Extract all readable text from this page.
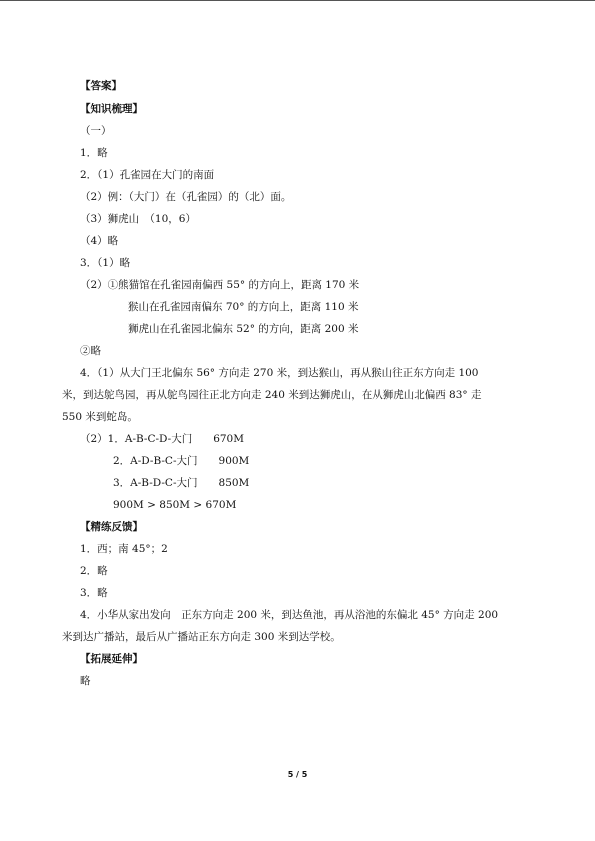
【答案】
【知识梳理】
（一）
1．略
2．（1）孔雀园在大门的南面
（2）例：（大门）在（孔雀园）的（北）面。
（3）狮虎山　（10，6）
（4）略
3．（1）略
（2）①熊猫馆在孔雀园南偏西 55° 的方向上，距离 170 米
猴山在孔雀园南偏东 70° 的方向上，距离 110 米
狮虎山在孔雀园北偏东 52° 的方向，距离 200 米
②略
4．（1）从大门王北偏东 56° 方向走 270 米，到达猴山，再从猴山往正东方向走 100
米，到达鸵鸟园，再从鸵鸟园往正北方向走 240 米到达狮虎山，在从狮虎山北偏西 83° 走
550 米到蛇岛。
（2）1．A-B-C-D-大门　　670M
2．A-D-B-C-大门　　900M
3．A-B-D-C-大门　　850M
900M > 850M > 670M
【精练反馈】
1．西；南 45°；2
2．略
3．略
4．小华从家出发向　正东方向走 200 米，到达鱼池，再从浴池的东偏北 45° 方向走 200
米到达广播站，最后从广播站正东方向走 300 米到达学校。
【拓展延伸】
略
5 / 5
